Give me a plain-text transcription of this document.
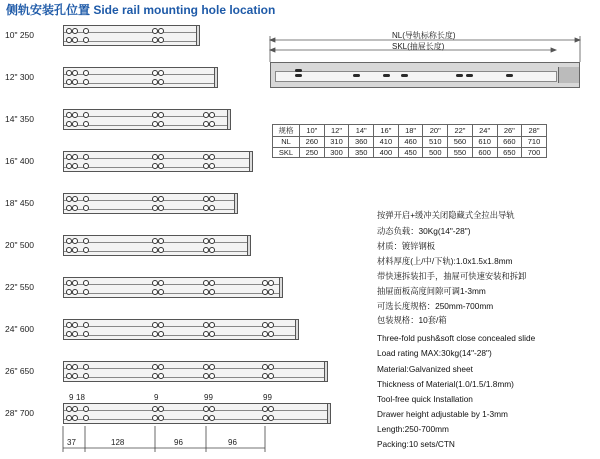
侧轨安装孔位置 Side rail mounting hole location
10" 250
12" 300
14" 350
16" 400
18" 450
20" 500
22" 550
24" 600
26" 650
28" 700
9 18	9	99	99
37	128	96	96
NL(导轨标称长度)
SKL(抽屉长度)
规格	10"	12"	14"	16"	18"	20"	22"	24"	26"	28"
NL	260	310	360	410	460	510	560	610	660	710
SKL	250	300	350	400	450	500	550	600	650	700
按弹开启+缓冲关闭隐藏式全拉出导轨
动态负载：30Kg(14"-28")
材质：镀锌钢板
材料厚度(上/中/下轨):1.0x1.5x1.8mm
带快速拆装扣手，抽屉可快速安装和拆卸
抽屉面板高度间隙可调1-3mm
可选长度规格：250mm-700mm
包装规格：10套/箱
Three-fold push&soft close concealed slide
Load rating MAX:30kg(14"-28")
Material:Galvanized sheet
Thickness of Material(1.0/1.5/1.8mm)
Tool-free quick Installation
Drawer height adjustable by 1-3mm
Length:250-700mm
Packing:10 sets/CTN
